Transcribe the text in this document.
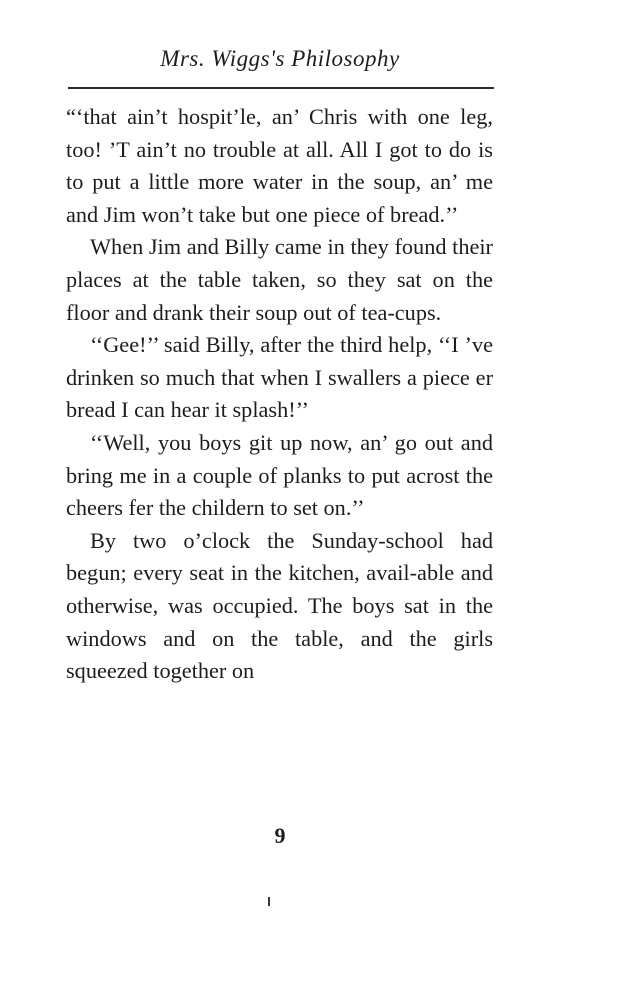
Mrs. Wiggs's Philosophy

“‘that ain’t hospit’le, an’ Chris with one leg, too! ’T ain’t no trouble at all. All I got to do is to put a little more water in the soup, an’ me and Jim won’t take but one piece of bread.’’

When Jim and Billy came in they found their places at the table taken, so they sat on the floor and drank their soup out of tea-cups.

‘‘Gee!’’ said Billy, after the third help, ‘‘I ’ve drinken so much that when I swallers a piece er bread I can hear it splash!’’

‘‘Well, you boys git up now, an’ go out and bring me in a couple of planks to put acrost the cheers fer the childern to set on.’’

By two o’clock the Sunday-school had begun; every seat in the kitchen, avail-able and otherwise, was occupied. The boys sat in the windows and on the table, and the girls squeezed together on

9
